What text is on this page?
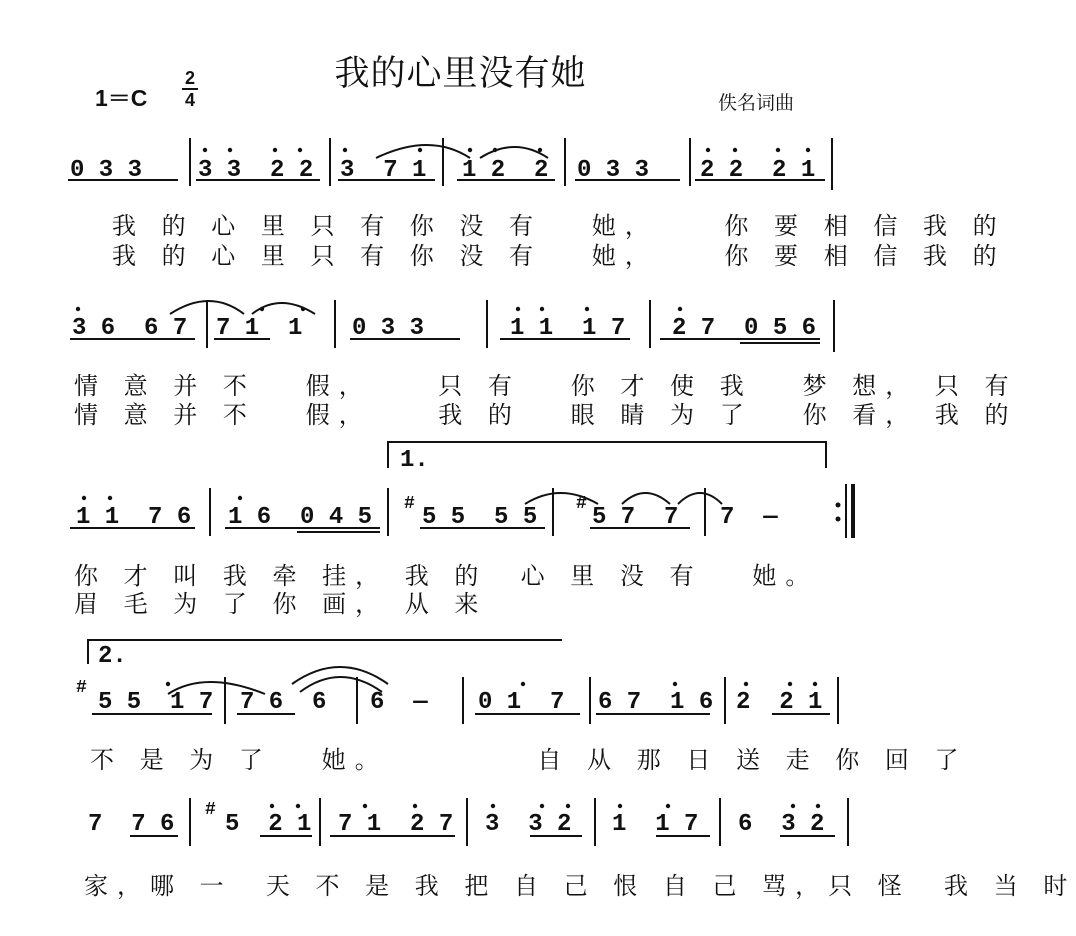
我的心里没有她
1＝C
2
4	佚名词曲
0 3 3 3 3  2 2 3  7 1 1 2  2 0 3 3 2 2  2 1
我 的 心 里 只 有 你 没 有   她，    你 要 相 信 我 的
我 的 心 里 只 有 你 没 有   她，    你 要 相 信 我 的
3 6  6 7 7 1  1 0 3 3	1 1  1 7 2 7  0 5 6
情 意 并 不   假，    只 有   你 才 使 我   梦 想， 只 有
情 意 并 不   假，    我 的   眼 睛 为 了   你 看， 我 的
1.
#	#
1 1  7 6 1 6  0 4 5 5 5  5 5 5 7  7 7  —
你 才 叫 我 牵 挂， 我 的  心 里 没 有   她。
眉 毛 为 了 你 画， 从 来
2.
#
5 5  1 7 7 6  6 6  — 0 1  7 6 7  1 6 2  2 1
不 是 为 了   她。         自 从 那 日 送 走 你 回 了
#
7  7 6 5  2 1 7 1  2 7 3  3 2 1  1 7 6  3 2
家，哪 一  天 不 是 我 把 自 己 恨 自 己 骂，只 怪  我 当 时
